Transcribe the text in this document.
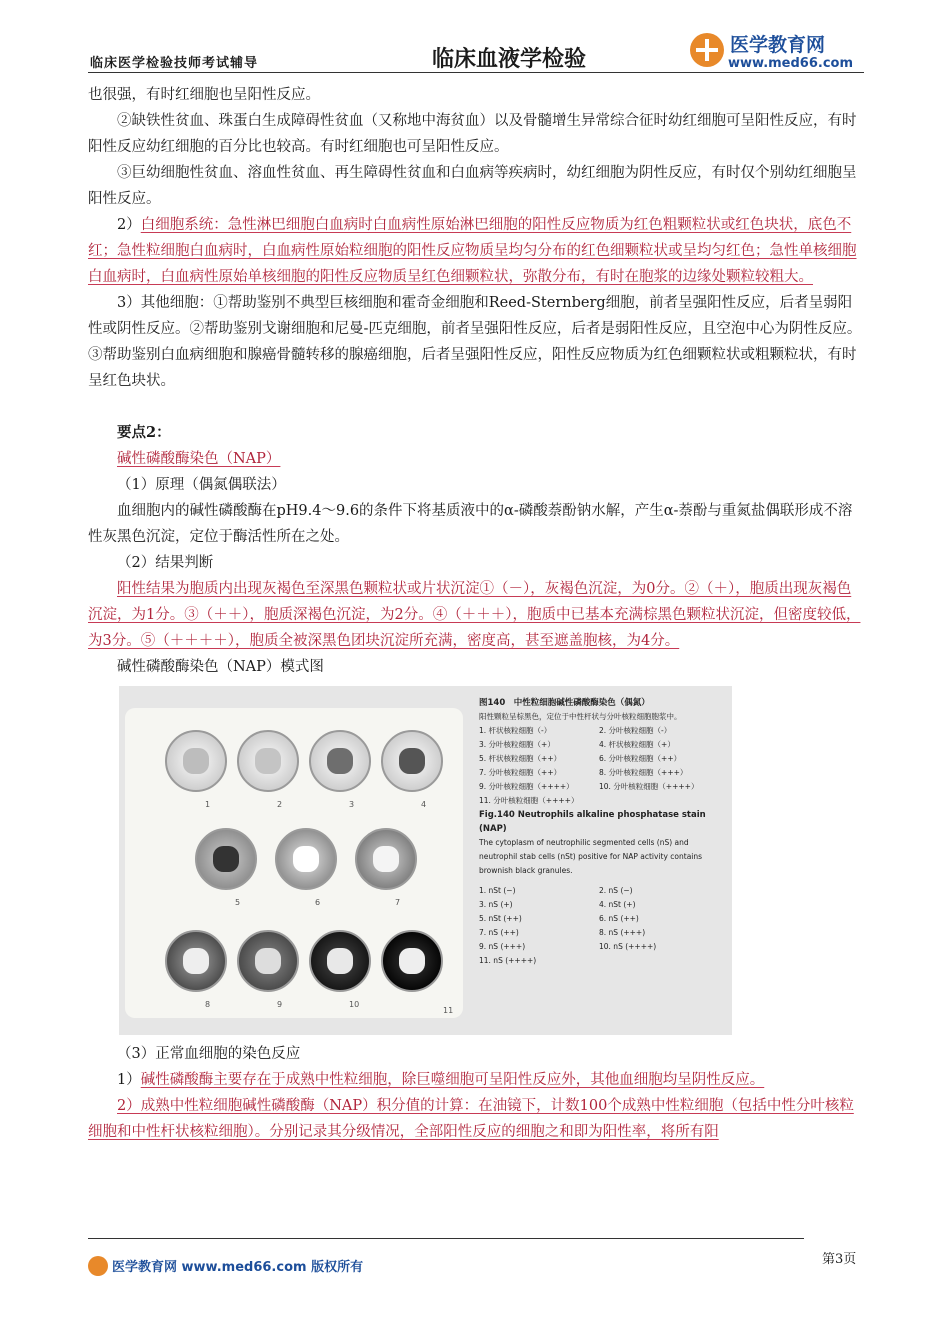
临床医学检验技师考试辅导	临床血液学检验
医学教育网
www.med66.com

也很强，有时红细胞也呈阳性反应。

②缺铁性贫血、珠蛋白生成障碍性贫血（又称地中海贫血）以及骨髓增生异常综合征时幼红细胞可呈阳性反应，有时阳性反应幼红细胞的百分比也较高。有时红细胞也可呈阳性反应。

③巨幼细胞性贫血、溶血性贫血、再生障碍性贫血和白血病等疾病时，幼红细胞为阴性反应，有时仅个别幼红细胞呈阳性反应。

2）白细胞系统：急性淋巴细胞白血病时白血病性原始淋巴细胞的阳性反应物质为红色粗颗粒状或红色块状，底色不红；急性粒细胞白血病时，白血病性原始粒细胞的阳性反应物质呈均匀分布的红色细颗粒状或呈均匀红色；急性单核细胞白血病时，白血病性原始单核细胞的阳性反应物质呈红色细颗粒状，弥散分布，有时在胞浆的边缘处颗粒较粗大。

3）其他细胞：①帮助鉴别不典型巨核细胞和霍奇金细胞和Reed-Sternberg细胞，前者呈强阳性反应，后者呈弱阳性或阴性反应。②帮助鉴别戈谢细胞和尼曼-匹克细胞，前者呈强阳性反应，后者是弱阳性反应，且空泡中心为阴性反应。③帮助鉴别白血病细胞和腺癌骨髓转移的腺癌细胞，后者呈强阳性反应，阳性反应物质为红色细颗粒状或粗颗粒状，有时呈红色块状。

要点2：

碱性磷酸酶染色（NAP）

（1）原理（偶氮偶联法）

血细胞内的碱性磷酸酶在pH9.4～9.6的条件下将基质液中的α-磷酸萘酚钠水解，产生α-萘酚与重氮盐偶联形成不溶性灰黑色沉淀，定位于酶活性所在之处。

（2）结果判断

阳性结果为胞质内出现灰褐色至深黑色颗粒状或片状沉淀①（－），灰褐色沉淀，为0分。②（＋），胞质出现灰褐色沉淀，为1分。③（＋＋），胞质深褐色沉淀，为2分。④（＋＋＋），胞质中已基本充满棕黑色颗粒状沉淀，但密度较低，为3分。⑤（＋＋＋＋），胞质全被深黑色团块沉淀所充满，密度高，甚至遮盖胞核，为4分。

碱性磷酸酶染色（NAP）模式图

1	2	3	4
5	6	7
8	9	10
11
图140　中性粒细胞碱性磷酸酶染色（偶氮）
阳性颗粒呈棕黑色，定位于中性杆状与分叶核粒细胞胞浆中。
1. 杆状核粒细胞（-）	2. 分叶核粒细胞（-）
3. 分叶核粒细胞（+）	4. 杆状核粒细胞（+）
5. 杆状核粒细胞（++）	6. 分叶核粒细胞（++）
7. 分叶核粒细胞（++）	8. 分叶核粒细胞（+++）
9. 分叶核粒细胞（++++）	10. 分叶核粒细胞（++++）
11. 分叶核粒细胞（++++）
Fig.140 Neutrophils alkaline phosphatase stain (NAP)
The cytoplasm of neutrophilic segmented cells (nS) and neutrophil stab cells (nSt) positive for NAP activity contains brownish black granules.
1. nSt (−)	2. nS (−)
3. nS (+)	4. nSt (+)
5. nSt (++)	6. nS (++)
7. nS (++)	8. nS (+++)
9. nS (+++)	10. nS (++++)
11. nS (++++)

（3）正常血细胞的染色反应

1）碱性磷酸酶主要存在于成熟中性粒细胞，除巨噬细胞可呈阳性反应外，其他血细胞均呈阴性反应。

2）成熟中性粒细胞碱性磷酸酶（NAP）积分值的计算：在油镜下，计数100个成熟中性粒细胞（包括中性分叶核粒细胞和中性杆状核粒细胞）。分别记录其分级情况，全部阳性反应的细胞之和即为阳性率，将所有阳

医学教育网 www.med66.com 版权所有
第3页
